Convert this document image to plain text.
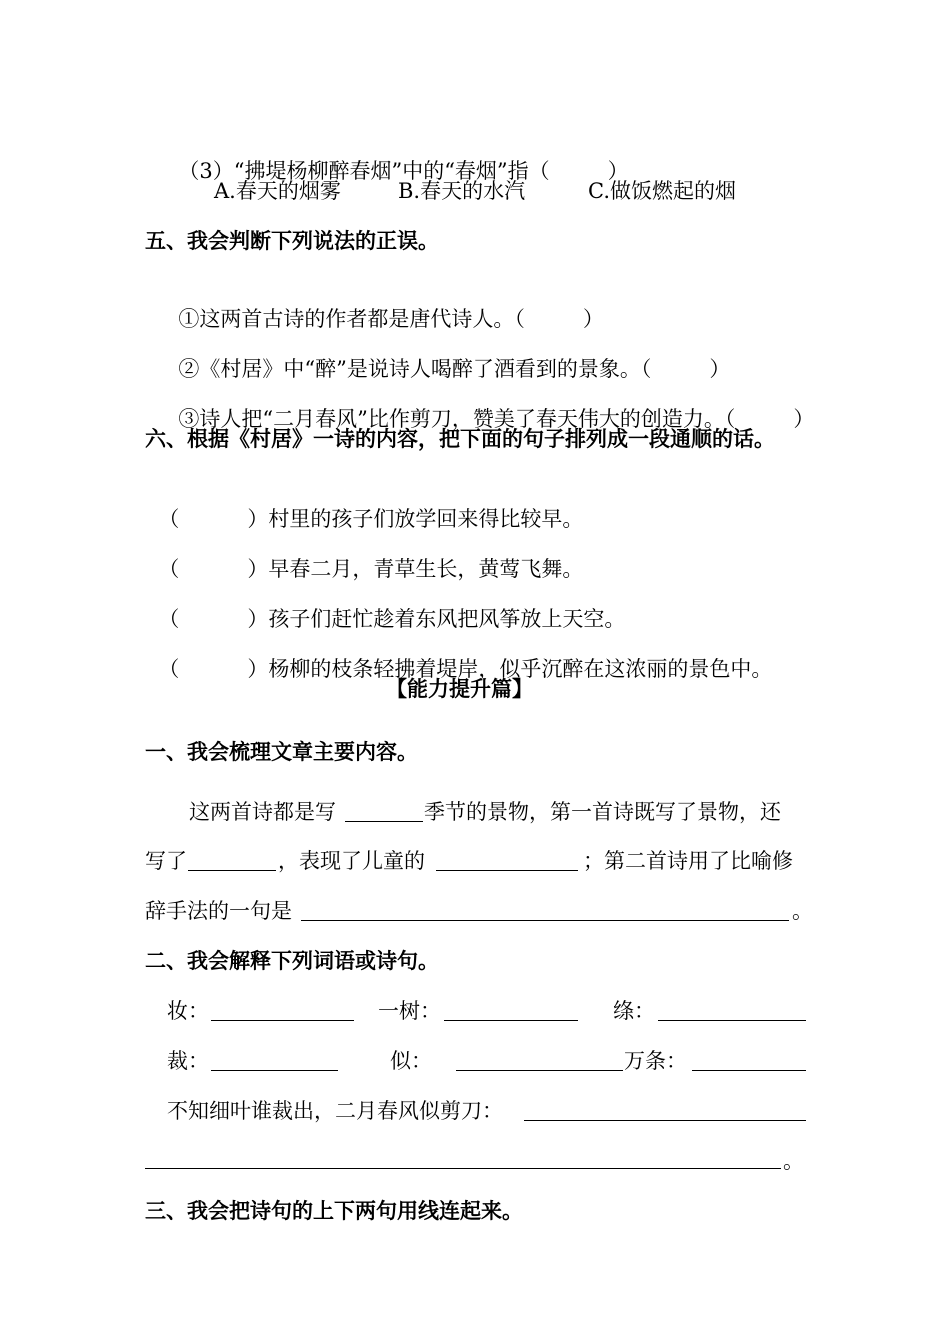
（3）“拂堤杨柳醉春烟”中的“春烟”指（	）

A.春天的烟雾	B.春天的水汽	C.做饭燃起的烟
五、我会判断下列说法的正误。

①这两首古诗的作者都是唐代诗人。（	）

②《村居》中“醉”是说诗人喝醉了酒看到的景象。（	）

③诗人把“二月春风”比作剪刀，赞美了春天伟大的创造力。（	）

六、根据《村居》一诗的内容，把下面的句子排列成一段通顺的话。

（	）村里的孩子们放学回来得比较早。

（	）早春二月，青草生长，黄莺飞舞。

（	）孩子们赶忙趁着东风把风筝放上天空。

（	）杨柳的枝条轻拂着堤岸，似乎沉醉在这浓丽的景色中。

【能力提升篇】
一、我会梳理文章主要内容。
这两首诗都是写	季节的景物，第一首诗既写了景物，还
写了	，表现了儿童的	；第二首诗用了比喻修
辞手法的一句是	。
二、我会解释下列词语或诗句。
妆：	一树：	绦：
裁：	似：	万条：
不知细叶谁裁出，二月春风似剪刀：
。
三、我会把诗句的上下两句用线连起来。
